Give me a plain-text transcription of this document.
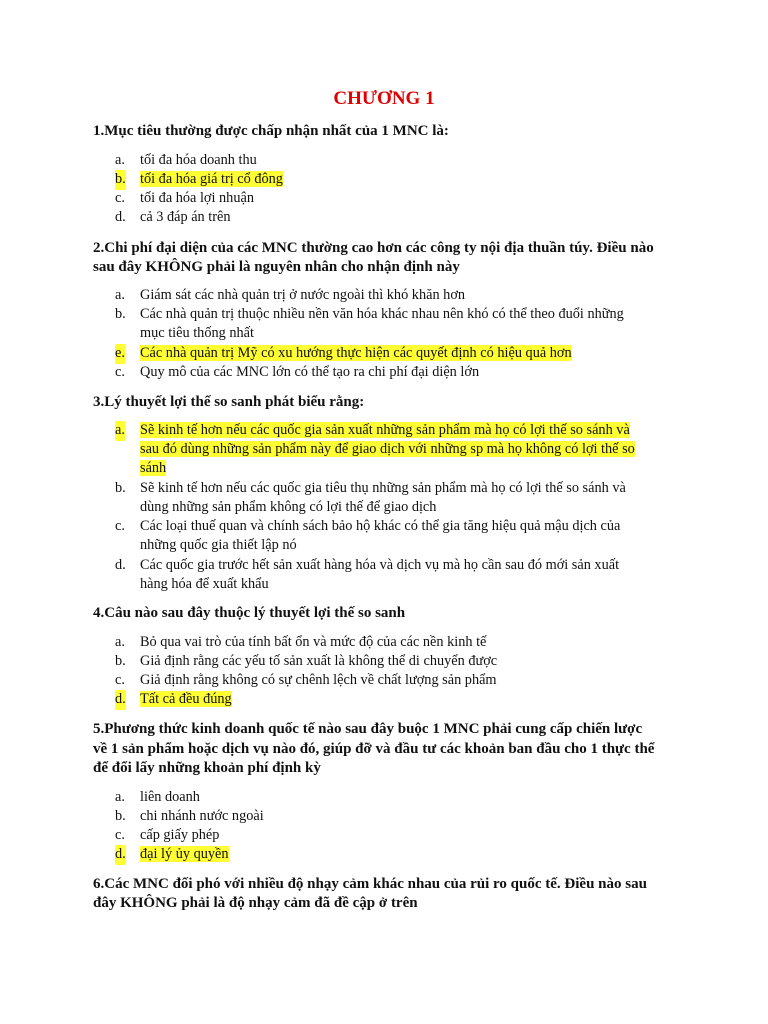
CHƯƠNG 1
1.Mục tiêu thường được chấp nhận nhất của 1 MNC là:
a. tối đa hóa doanh thu
b. tối đa hóa giá trị cổ đông
c. tối đa hóa lợi nhuận
d. cả 3 đáp án trên
2.Chi phí đại diện của các MNC thường cao hơn các công ty nội địa thuần túy. Điều nào
sau đây KHÔNG phải là nguyên nhân cho nhận định này
a. Giám sát các nhà quản trị ở nước ngoài thì khó khăn hơn
b. Các nhà quản trị thuộc nhiều nền văn hóa khác nhau nên khó có thể theo đuổi những
mục tiêu thống nhất
e. Các nhà quản trị Mỹ có xu hướng thực hiện các quyết định có hiệu quả hơn
c. Quy mô của các MNC lớn có thể tạo ra chi phí đại diện lớn
3.Lý thuyết lợi thế so sanh phát biểu rằng:
a. Sẽ kinh tế hơn nếu các quốc gia sản xuất những sản phẩm mà họ có lợi thế so sánh và
sau đó dùng những sản phẩm này để giao dịch với những sp mà họ không có lợi thế so
sánh
b. Sẽ kinh tế hơn nếu các quốc gia tiêu thụ những sản phẩm mà họ có lợi thế so sánh và
dùng những sản phẩm không có lợi thế để giao dịch
c. Các loại thuế quan và chính sách bảo hộ khác có thể gia tăng hiệu quả mậu dịch của
những quốc gia thiết lập nó
d. Các quốc gia trước hết sản xuất hàng hóa và dịch vụ mà họ cần sau đó mới sản xuất
hàng hóa để xuất khẩu
4.Câu nào sau đây thuộc lý thuyết lợi thế so sanh
a. Bỏ qua vai trò của tính bất ổn và mức độ của các nền kinh tế
b. Giả định rằng các yếu tố sản xuất là không thể di chuyển được
c. Giả định rằng không có sự chênh lệch về chất lượng sản phẩm
d. Tất cả đều đúng
5.Phương thức kinh doanh quốc tế nào sau đây buộc 1 MNC phải cung cấp chiến lược
về 1 sản phẩm hoặc dịch vụ nào đó, giúp đỡ và đầu tư các khoản ban đầu cho 1 thực thể
để đổi lấy những khoản phí định kỳ
a. liên doanh
b. chi nhánh nước ngoài
c. cấp giấy phép
d. đại lý ủy quyền
6.Các MNC đối phó với nhiều độ nhạy cảm khác nhau của rủi ro quốc tế. Điều nào sau
đây KHÔNG phải là độ nhạy cảm đã đề cập ở trên
